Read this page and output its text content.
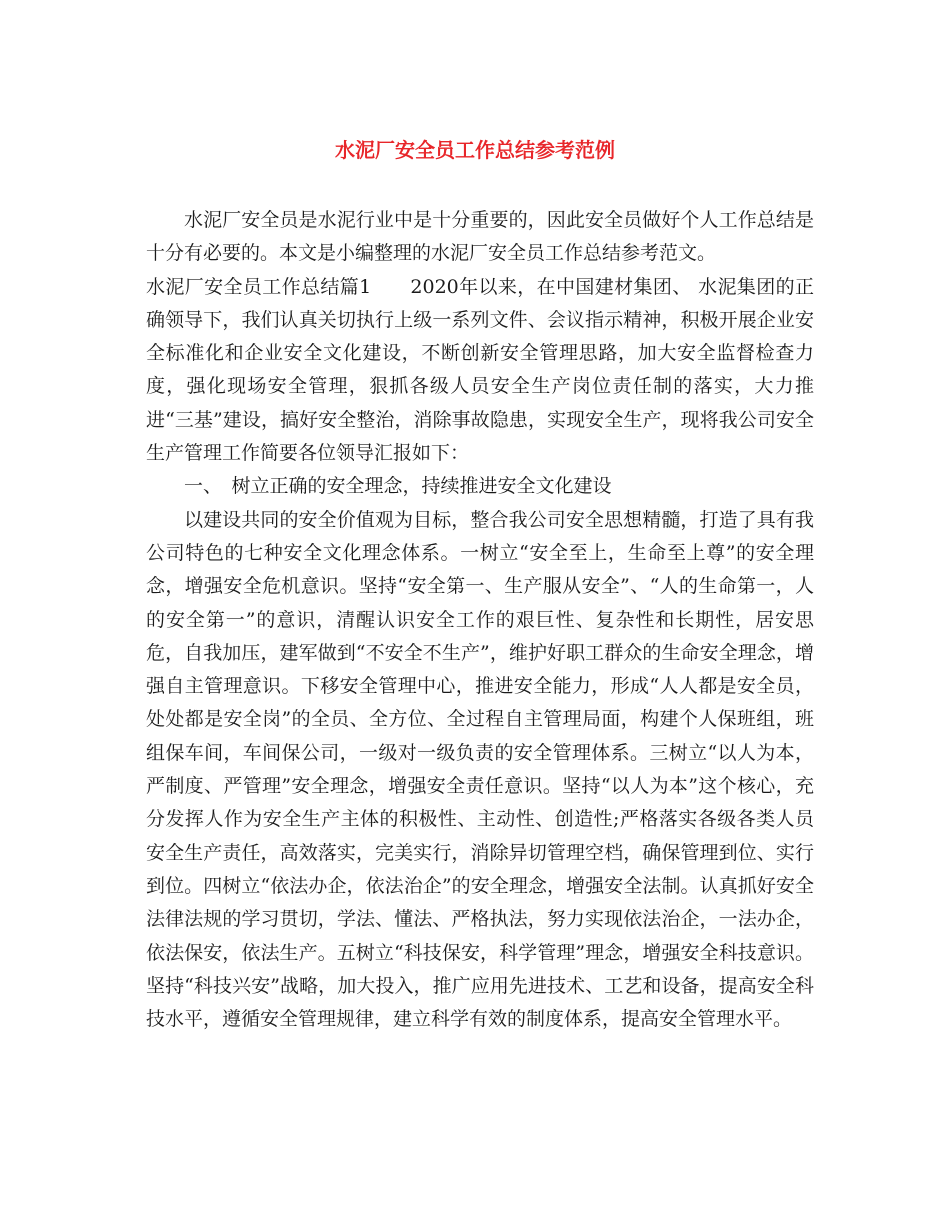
水泥厂安全员工作总结参考范例

水泥厂安全员是水泥行业中是十分重要的，因此安全员做好个人工作总结是十分有必要的。本文是小编整理的水泥厂安全员工作总结参考范文。

水泥厂安全员工作总结篇1　　2020年以来，在中国建材集团、 水泥集团的正确领导下，我们认真关切执行上级一系列文件、会议指示精神，积极开展企业安全标准化和企业安全文化建设，不断创新安全管理思路，加大安全监督检查力度，强化现场安全管理，狠抓各级人员安全生产岗位责任制的落实，大力推进“三基”建设，搞好安全整治，消除事故隐患，实现安全生产，现将我公司安全生产管理工作简要各位领导汇报如下：

一、　树立正确的安全理念，持续推进安全文化建设

以建设共同的安全价值观为目标，整合我公司安全思想精髓，打造了具有我公司特色的七种安全文化理念体系。一树立“安全至上，生命至上尊”的安全理念，增强安全危机意识。坚持“安全第一、生产服从安全”、“人的生命第一，人的安全第一”的意识，清醒认识安全工作的艰巨性、复杂性和长期性，居安思危，自我加压，建军做到“不安全不生产”，维护好职工群众的生命安全理念，增强自主管理意识。下移安全管理中心，推进安全能力，形成“人人都是安全员，处处都是安全岗”的全员、全方位、全过程自主管理局面，构建个人保班组，班组保车间，车间保公司，一级对一级负责的安全管理体系。三树立“以人为本，严制度、严管理”安全理念，增强安全责任意识。坚持“以人为本”这个核心，充分发挥人作为安全生产主体的积极性、主动性、创造性;严格落实各级各类人员安全生产责任，高效落实，完美实行，消除异切管理空档，确保管理到位、实行到位。四树立“依法办企，依法治企”的安全理念，增强安全法制。认真抓好安全法律法规的学习贯切，学法、懂法、严格执法，努力实现依法治企，一法办企，依法保安，依法生产。五树立“科技保安，科学管理”理念，增强安全科技意识。坚持“科技兴安”战略，加大投入，推广应用先进技术、工艺和设备，提高安全科技水平，遵循安全管理规律，建立科学有效的制度体系，提高安全管理水平。
